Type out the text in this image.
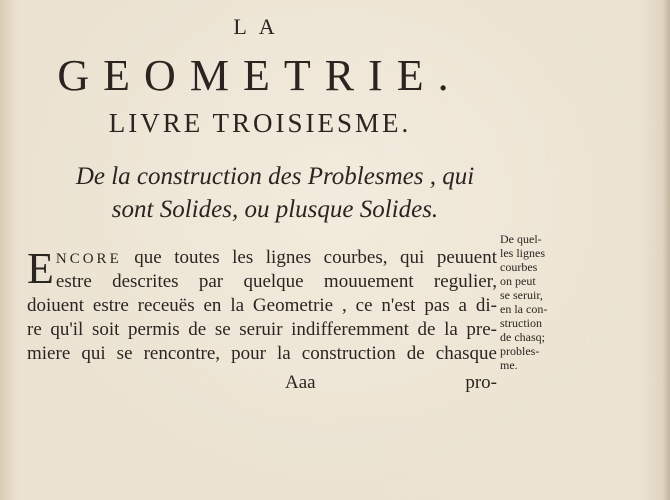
LA
GEOMETRIE.
LIVRE TROISIESME.
De la construction des Problesmes , qui
sont Solides, ou plusque Solides.
E NCORE que toutes les lignes courbes, qui peuuent
estre descrites par quelque mouuement regulier,
doiuent estre receuës en la Geometrie , ce n'est pas a di-
re qu'il soit permis de se seruir indifferemment de la pre-
miere qui se rencontre, pour la construction de chasque
Aaa	pro-
De quel-
les lignes
courbes
on peut
se seruir,
en la con-
struction
de chasq;
probles-
me.
